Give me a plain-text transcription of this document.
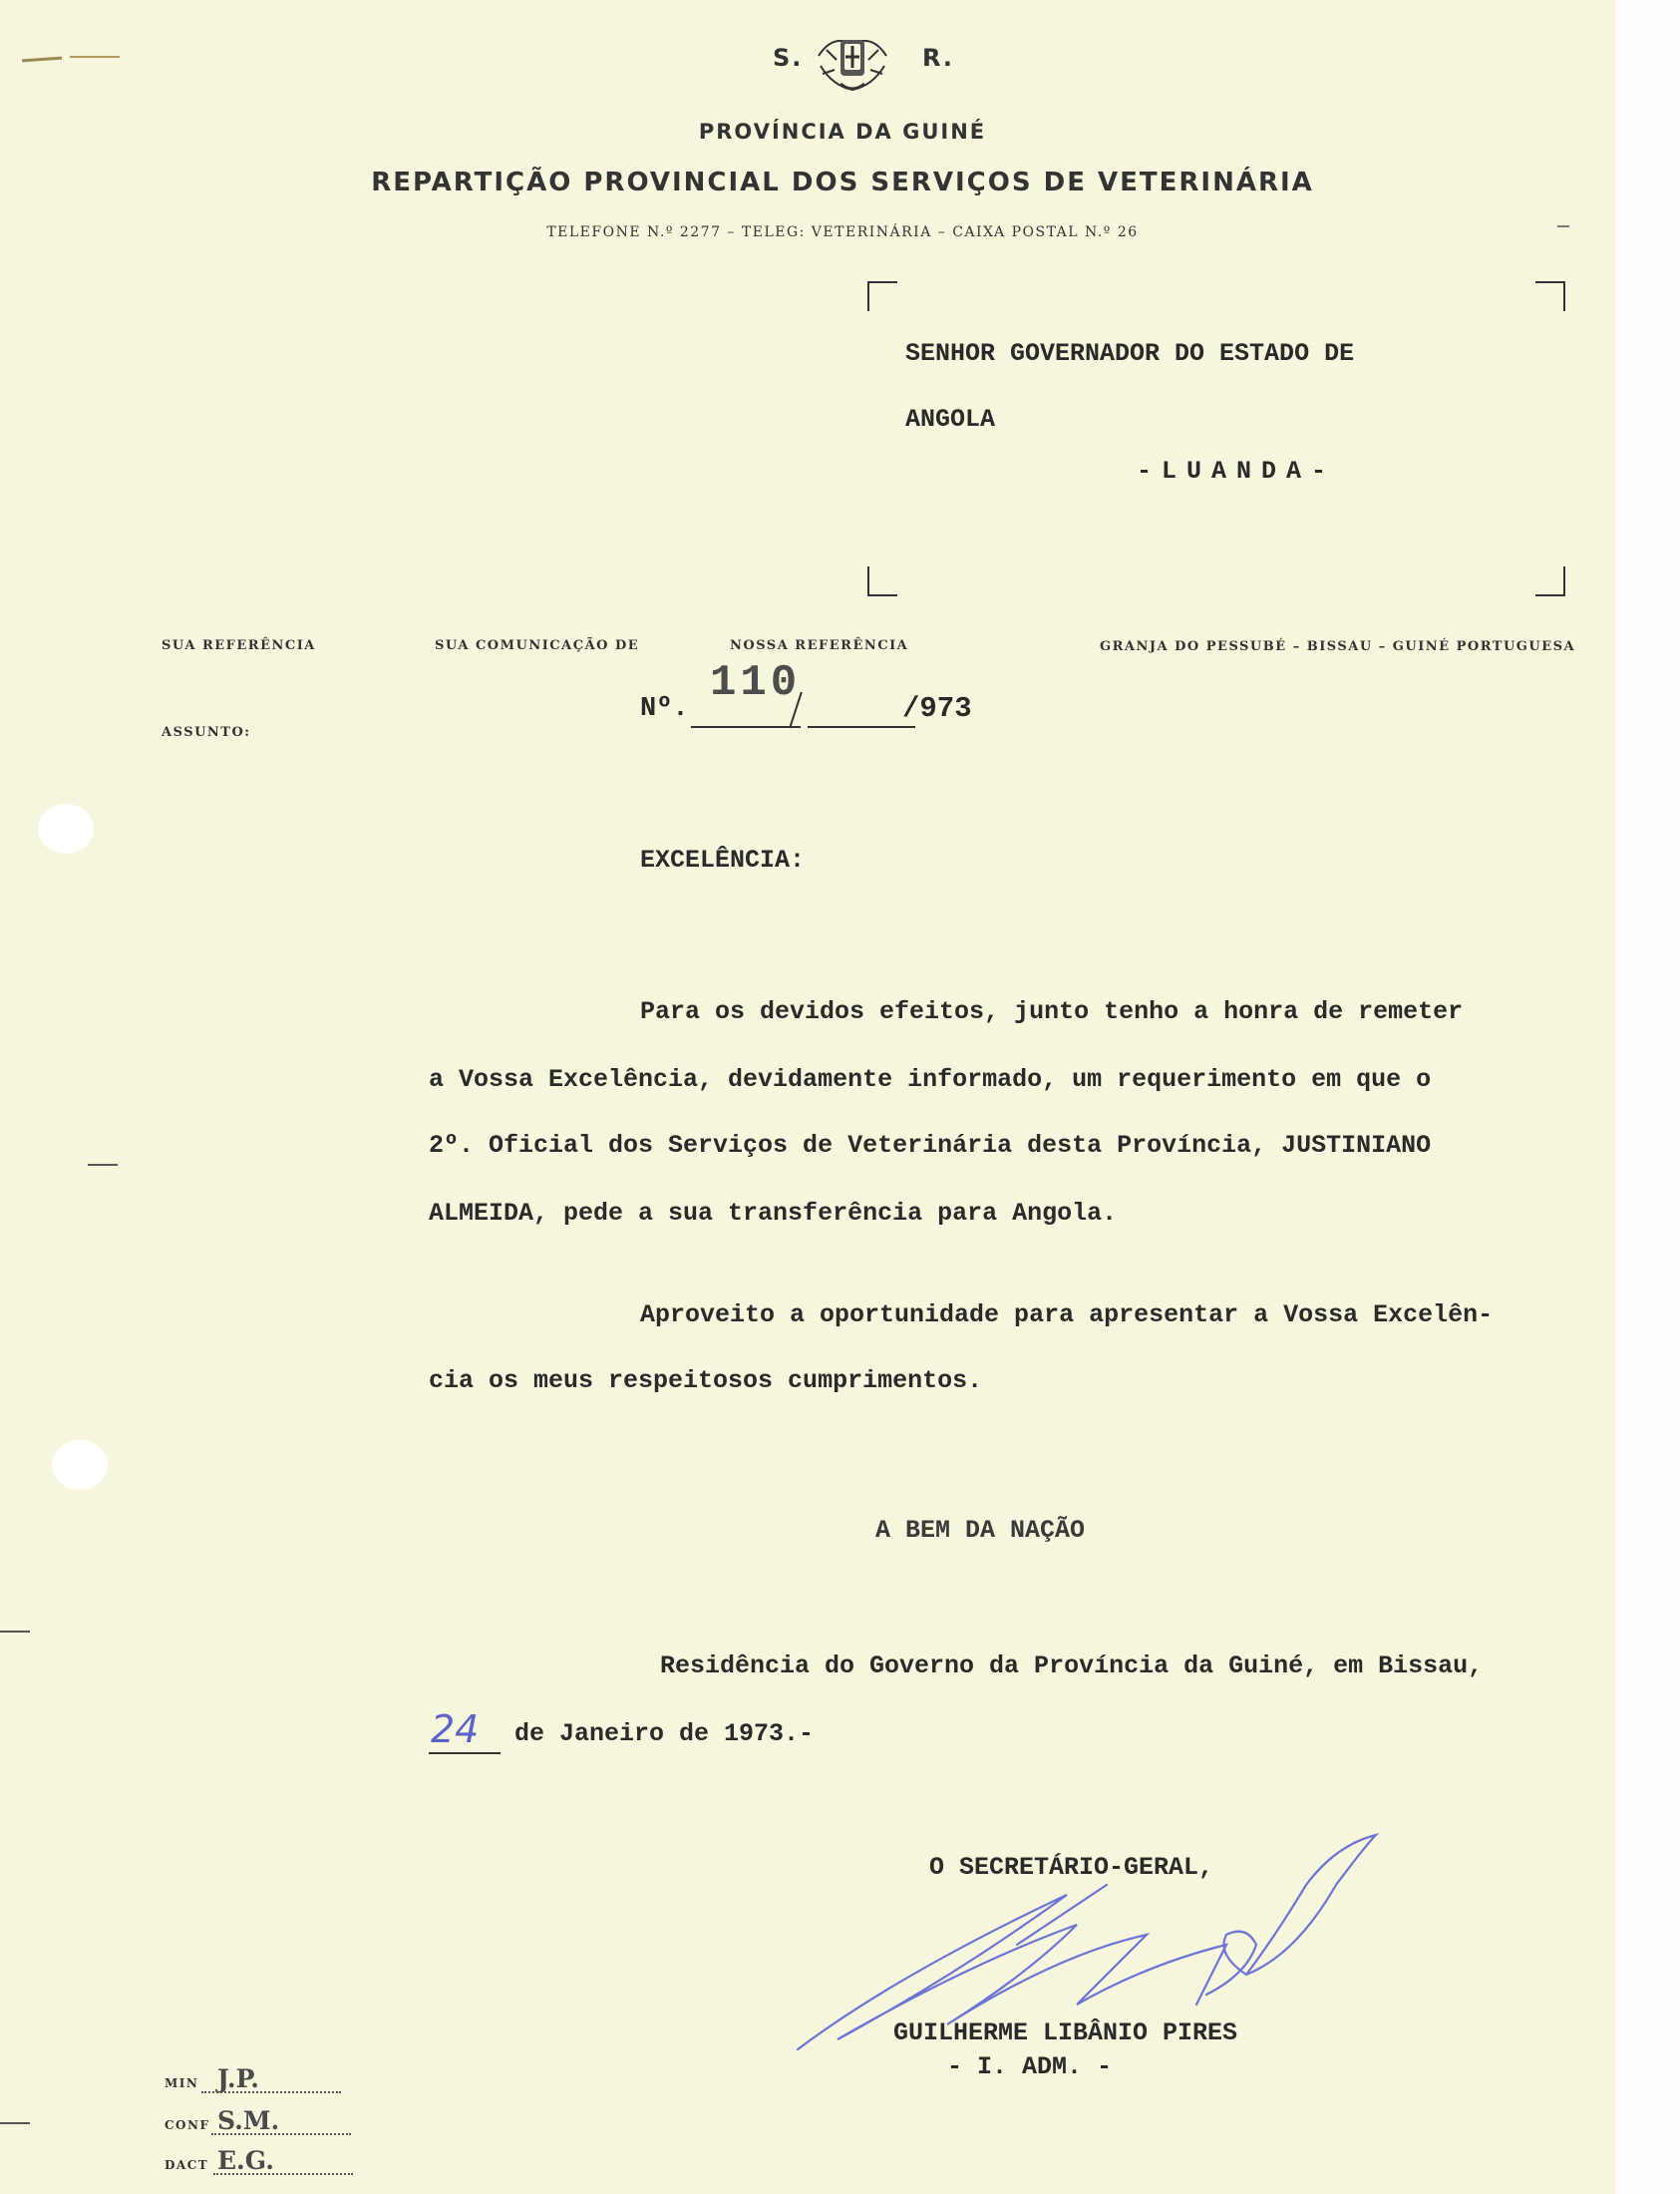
S.	R.
PROVÍNCIA DA GUINÉ
REPARTIÇÃO PROVINCIAL DOS SERVIÇOS DE VETERINÁRIA
TELEFONE N.º 2277 – TELEG: VETERINÁRIA – CAIXA POSTAL N.º 26
SENHOR GOVERNADOR DO ESTADO DE
ANGOLA
-LUANDA-
SUA REFERÊNCIA	SUA COMUNICAÇÃO DE	NOSSA REFERÊNCIA	GRANJA DO PESSUBÉ – BISSAU – GUINÉ PORTUGUESA
ASSUNTO:
Nº.
110
/973
EXCELÊNCIA:
Para os devidos efeitos, junto tenho a honra de remeter
a Vossa Excelência, devidamente informado, um requerimento em que o
2º. Oficial dos Serviços de Veterinária desta Província, JUSTINIANO
ALMEIDA, pede a sua transferência para Angola.
Aproveito a oportunidade para apresentar a Vossa Excelên-
cia os meus respeitosos cumprimentos.
A BEM DA NAÇÃO
Residência do Governo da Província da Guiné, em Bissau,
24 de Janeiro de 1973.-
O SECRETÁRIO-GERAL,
GUILHERME LIBÂNIO PIRES
- I. ADM. -
MIN J.P.
CONF S.M.
DACT E.G.
